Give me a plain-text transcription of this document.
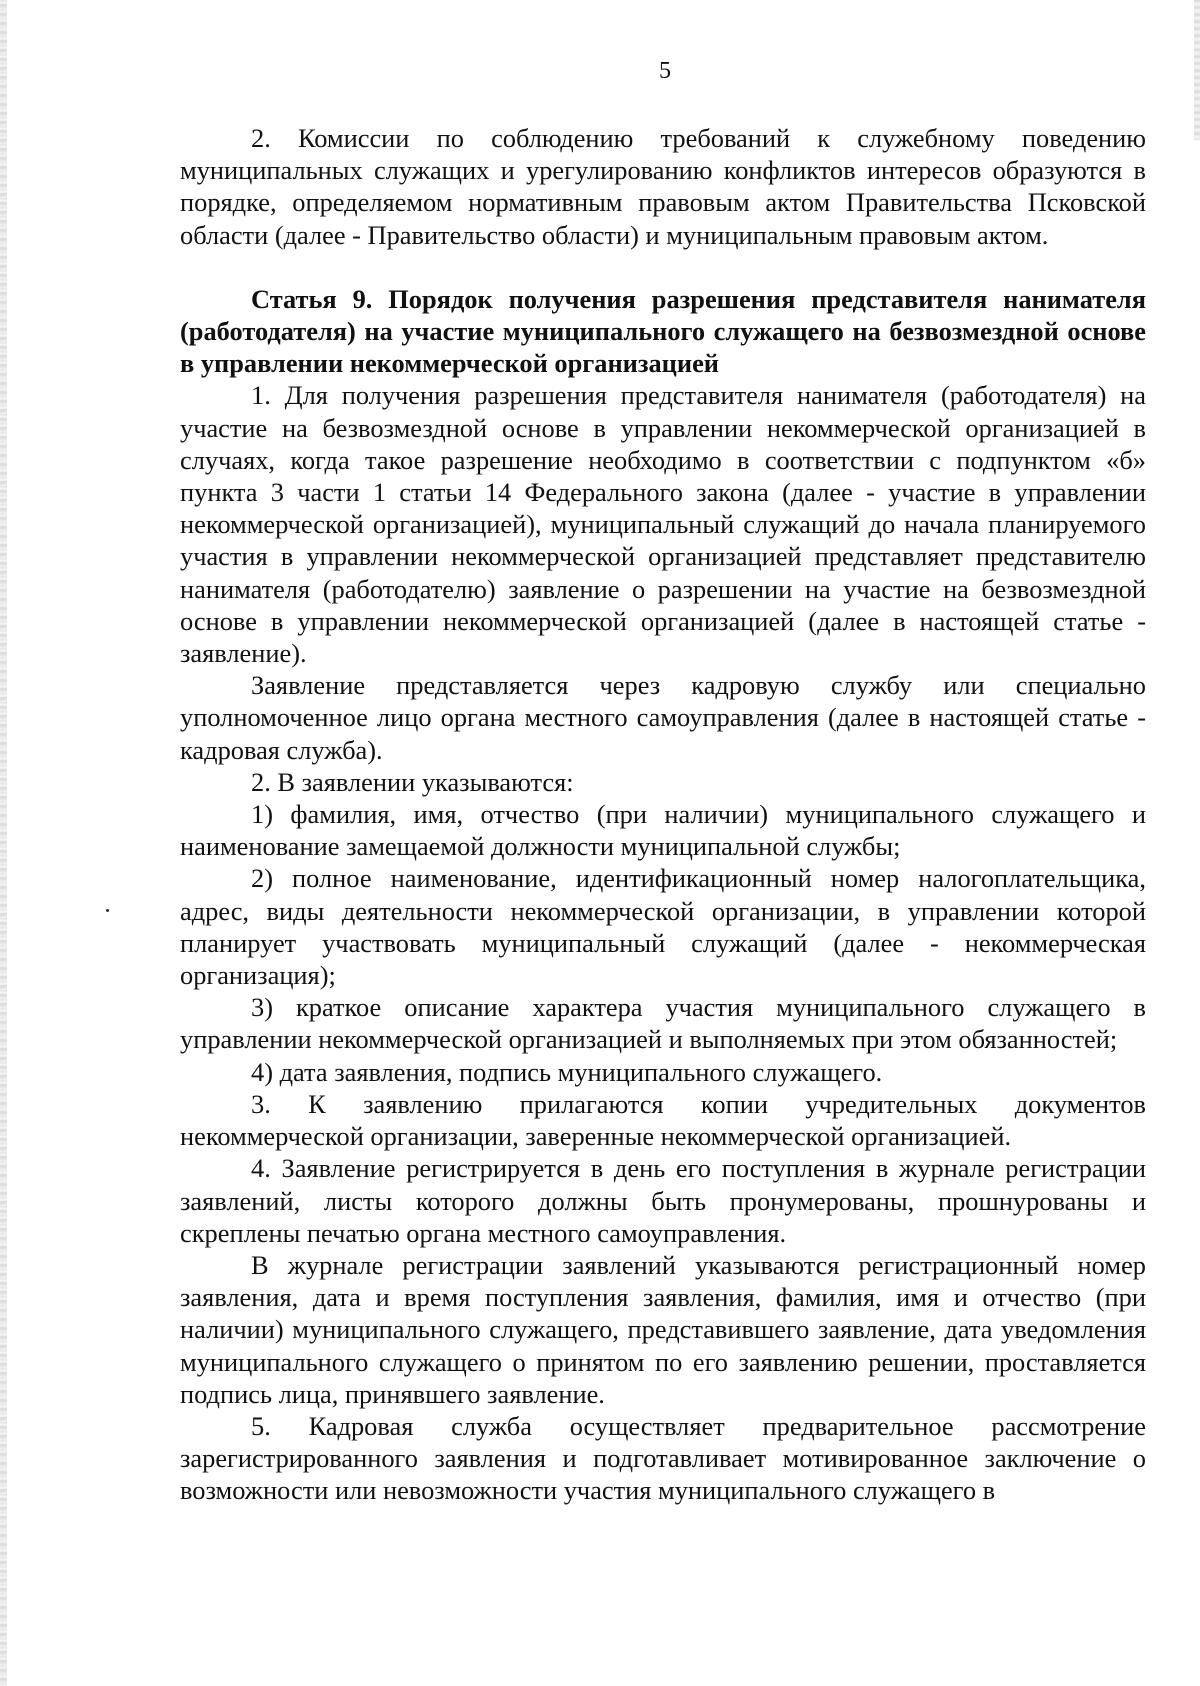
5

2. Комиссии по соблюдению требований к служебному поведению муниципальных служащих и урегулированию конфликтов интересов образуются в порядке, определяемом нормативным правовым актом Правительства Псковской области (далее - Правительство области) и муниципальным правовым актом.

Статья 9. Порядок получения разрешения представителя нанимателя (работодателя) на участие муниципального служащего на безвозмездной основе в управлении некоммерческой организацией

1. Для получения разрешения представителя нанимателя (работодателя) на участие на безвозмездной основе в управлении некоммерческой организацией в случаях, когда такое разрешение необходимо в соответствии с подпунктом «б» пункта 3 части 1 статьи 14 Федерального закона (далее - участие в управлении некоммерческой организацией), муниципальный служащий до начала планируемого участия в управлении некоммерческой организацией представляет представителю нанимателя (работодателю) заявление о разрешении на участие на безвозмездной основе в управлении некоммерческой организацией (далее в настоящей статье - заявление).

Заявление представляется через кадровую службу или специально уполномоченное лицо органа местного самоуправления (далее в настоящей статье - кадровая служба).

2. В заявлении указываются:

1) фамилия, имя, отчество (при наличии) муниципального служащего и наименование замещаемой должности муниципальной службы;

2) полное наименование, идентификационный номер налогоплательщика, адрес, виды деятельности некоммерческой организации, в управлении которой планирует участвовать муниципальный служащий (далее - некоммерческая организация);

3) краткое описание характера участия муниципального служащего в управлении некоммерческой организацией и выполняемых при этом обязанностей;

4) дата заявления, подпись муниципального служащего.

3. К заявлению прилагаются копии учредительных документов некоммерческой организации, заверенные некоммерческой организацией.

4. Заявление регистрируется в день его поступления в журнале регистрации заявлений, листы которого должны быть пронумерованы, прошнурованы и скреплены печатью органа местного самоуправления.

В журнале регистрации заявлений указываются регистрационный номер заявления, дата и время поступления заявления, фамилия, имя и отчество (при наличии) муниципального служащего, представившего заявление, дата уведомления муниципального служащего о принятом по его заявлению решении, проставляется подпись лица, принявшего заявление.

5. Кадровая служба осуществляет предварительное рассмотрение зарегистрированного заявления и подготавливает мотивированное заключение о возможности или невозможности участия муниципального служащего в
